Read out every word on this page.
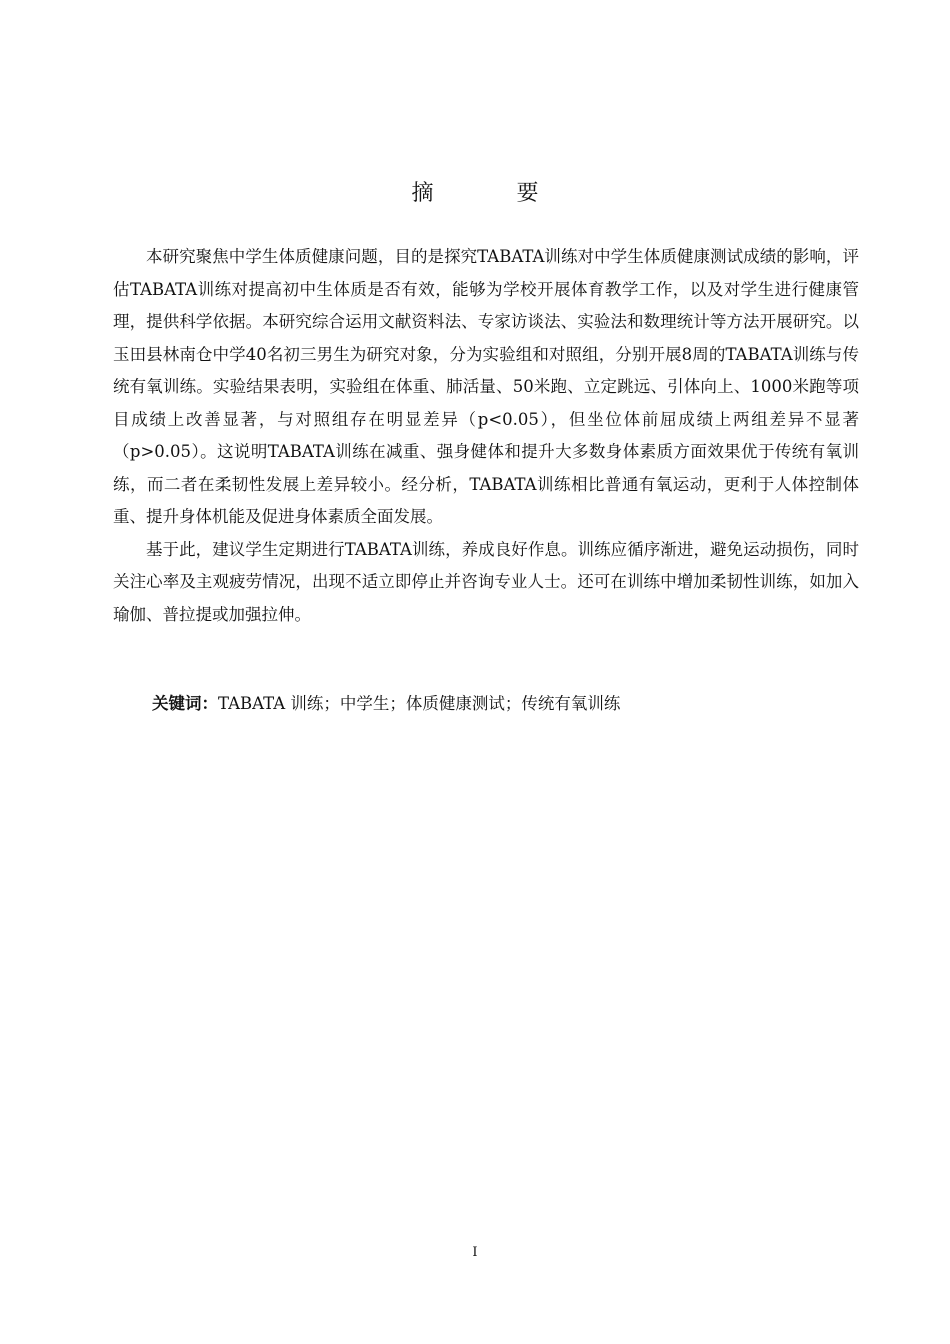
摘 要

本研究聚焦中学生体质健康问题，目的是探究TABATA训练对中学生体质健康测试成绩的影响，评估TABATA训练对提高初中生体质是否有效，能够为学校开展体育教学工作，以及对学生进行健康管理，提供科学依据。本研究综合运用文献资料法、专家访谈法、实验法和数理统计等方法开展研究。以玉田县林南仓中学40名初三男生为研究对象，分为实验组和对照组，分别开展8周的TABATA训练与传统有氧训练。实验结果表明，实验组在体重、肺活量、50米跑、立定跳远、引体向上、1000米跑等项目成绩上改善显著，与对照组存在明显差异（p<0.05），但坐位体前屈成绩上两组差异不显著（p>0.05）。这说明TABATA训练在减重、强身健体和提升大多数身体素质方面效果优于传统有氧训练，而二者在柔韧性发展上差异较小。经分析，TABATA训练相比普通有氧运动，更利于人体控制体重、提升身体机能及促进身体素质全面发展。

基于此，建议学生定期进行TABATA训练，养成良好作息。训练应循序渐进，避免运动损伤，同时关注心率及主观疲劳情况，出现不适立即停止并咨询专业人士。还可在训练中增加柔韧性训练，如加入瑜伽、普拉提或加强拉伸。

关键词：TABATA 训练；中学生；体质健康测试；传统有氧训练
I
